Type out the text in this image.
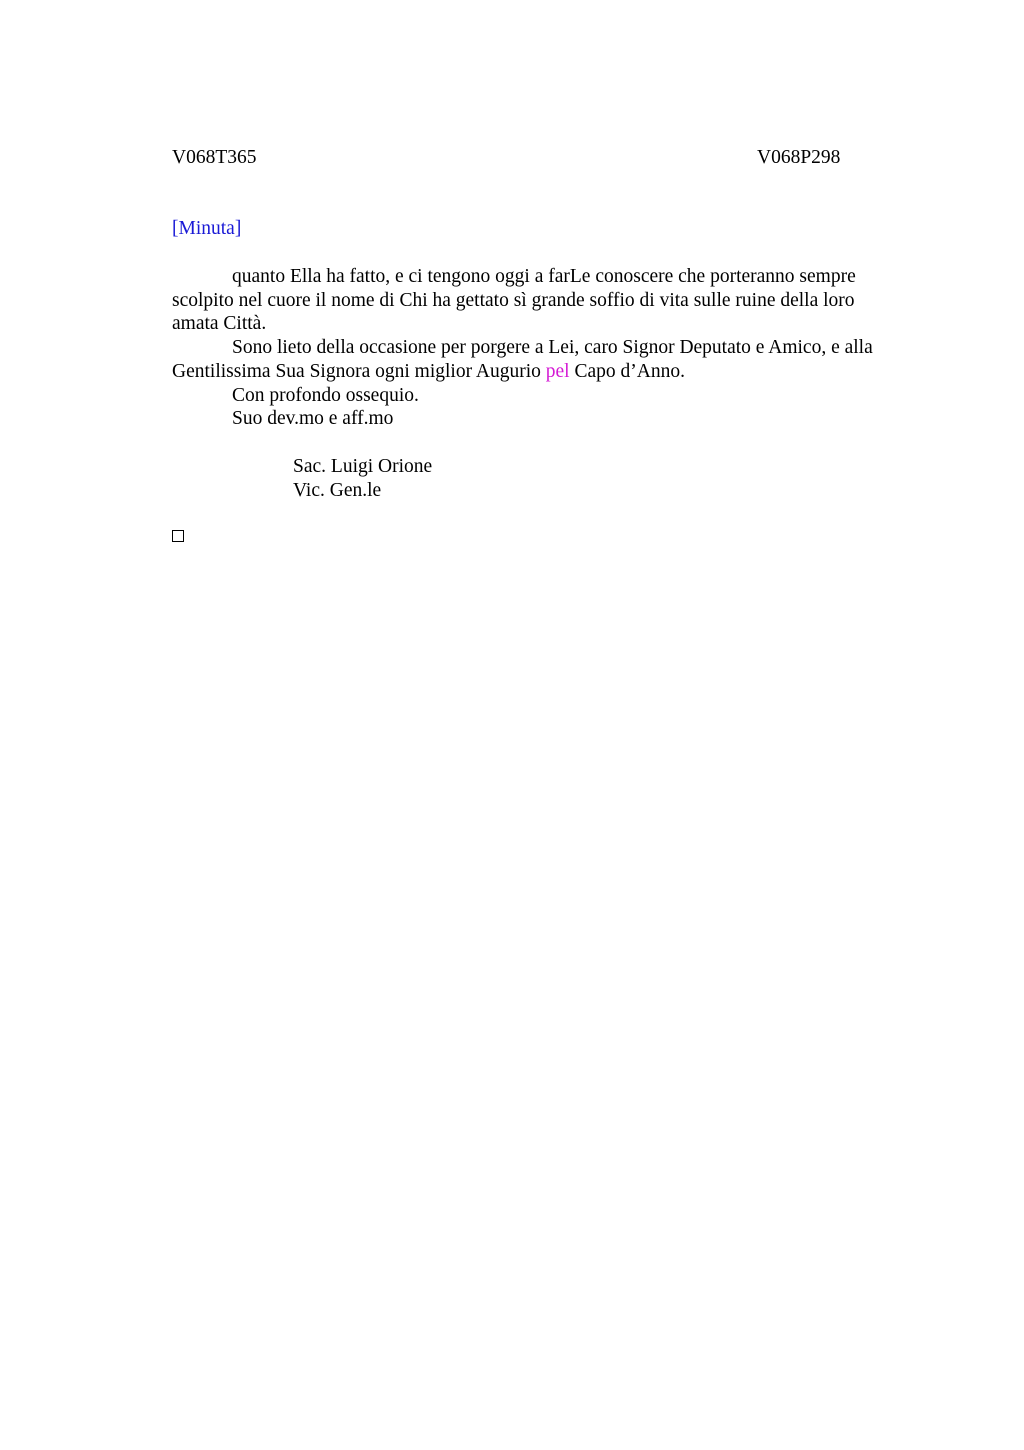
V068T365	V068P298
[Minuta]
quanto Ella ha fatto, e ci tengono oggi a farLe conoscere che porteranno sempre
scolpito nel cuore il nome di Chi ha gettato sì grande soffio di vita sulle ruine della loro
amata Città.
Sono lieto della occasione per porgere a Lei, caro Signor Deputato e Amico, e alla
Gentilissima Sua Signora ogni miglior Augurio pel Capo d’Anno.
Con profondo ossequio.
Suo dev.mo e aff.mo
Sac. Luigi Orione
Vic. Gen.le
